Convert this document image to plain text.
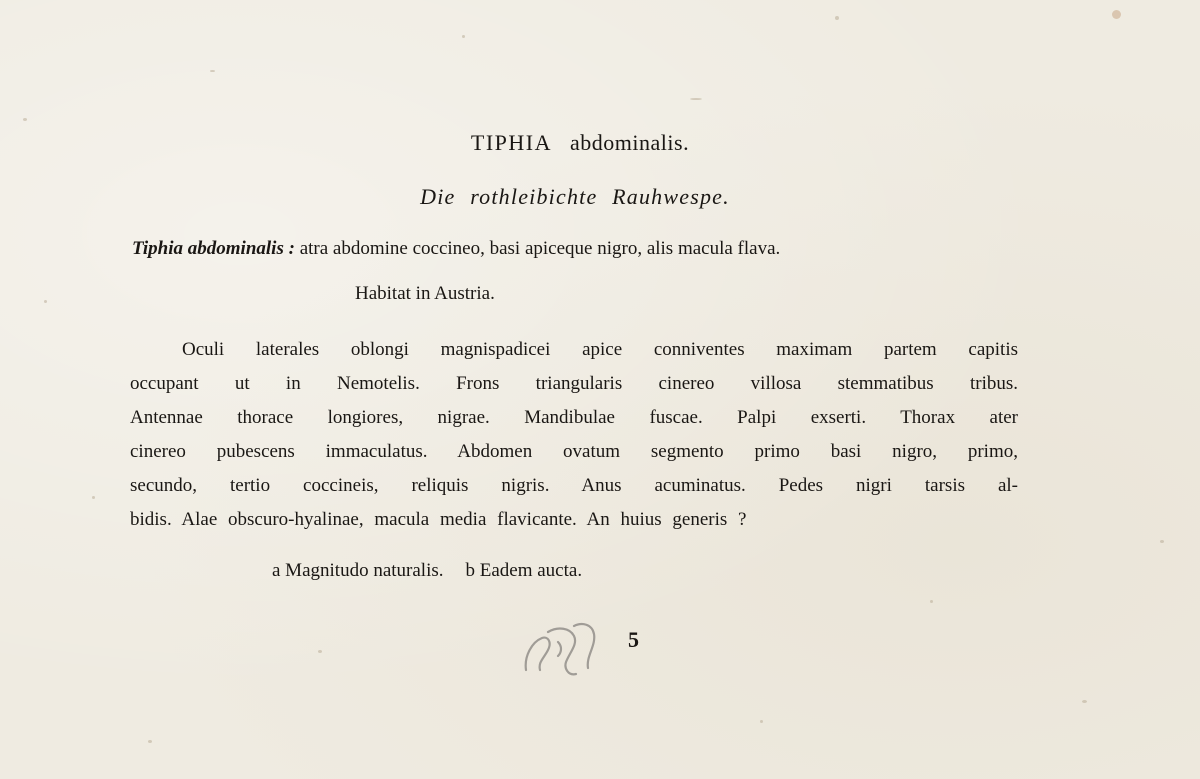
TIPHIA abdominalis.
Die rothleibichte Rauhwespe.
Tiphia abdominalis : atra abdomine coccineo, basi apiceque nigro, alis macula flava.
Habitat in Austria.
Oculi laterales oblongi magnispadicei apice conniventes maximam partem capitis
occupant ut in Nemotelis. Frons triangularis cinereo villosa stemmatibus tribus.
Antennae thorace longiores, nigrae. Mandibulae fuscae. Palpi exserti. Thorax ater
cinereo pubescens immaculatus. Abdomen ovatum segmento primo basi nigro, primo,
secundo, tertio coccineis, reliquis nigris. Anus acuminatus. Pedes nigri tarsis al-
bidis. Alae obscuro-hyalinae, macula media flavicante. An huius generis ?
a Magnitudo naturalis. b Eadem aucta.
5
